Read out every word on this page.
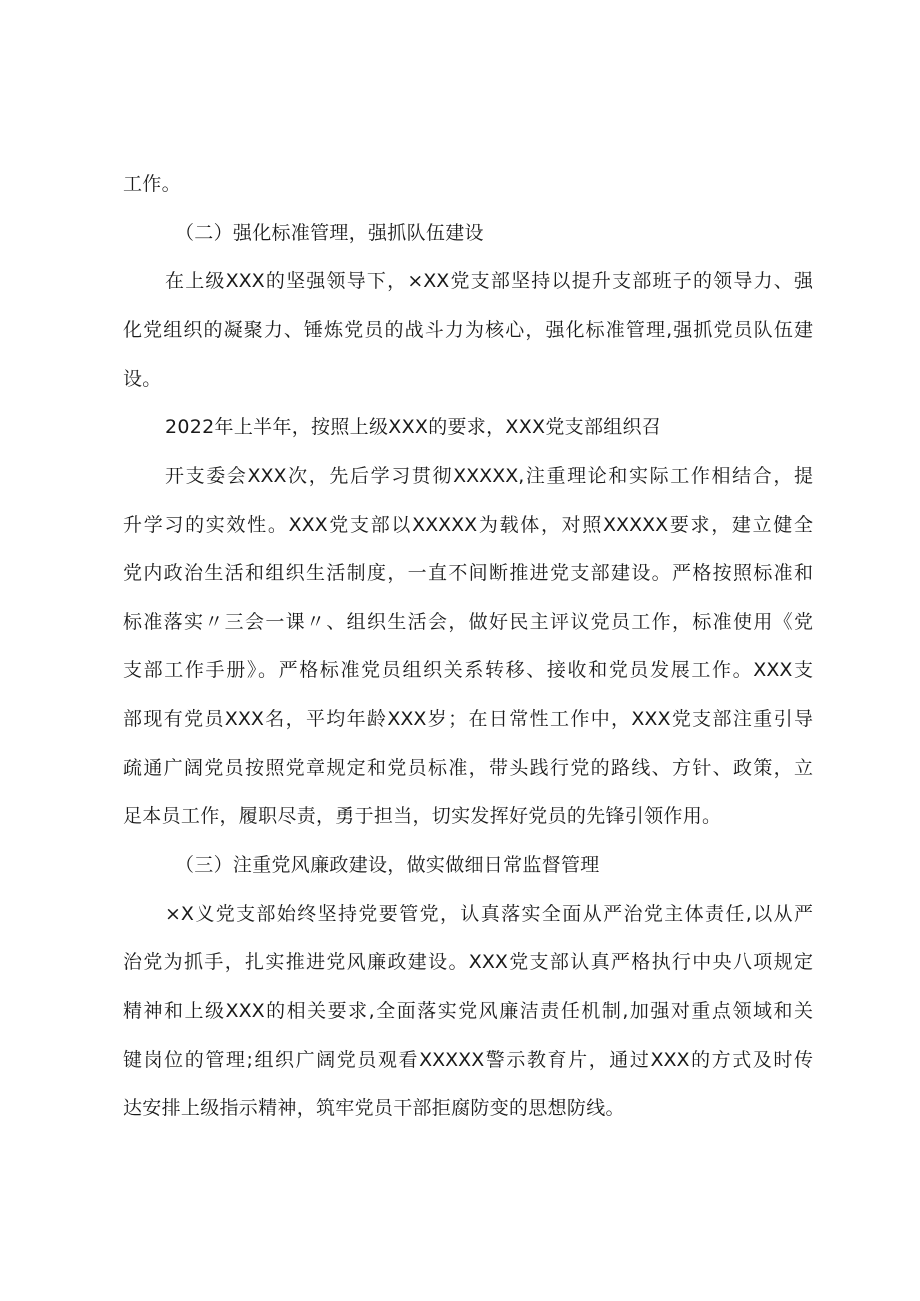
工作。
（二）强化标准管理，强抓队伍建设
在上级XXX的坚强领导下，×XX党支部坚持以提升支部班子的领导力、强
化党组织的凝聚力、锤炼党员的战斗力为核心，强化标准管理,强抓党员队伍建
设。
2022年上半年，按照上级XXX的要求，XXX党支部组织召
开支委会XXX次，先后学习贯彻XXXXX,注重理论和实际工作相结合，提
升学习的实效性。XXX党支部以XXXXX为载体，对照XXXXX要求，建立健全
党内政治生活和组织生活制度，一直不间断推进党支部建设。严格按照标准和
标准落实〃三会一课〃、组织生活会，做好民主评议党员工作，标准使用《党
支部工作手册》。严格标准党员组织关系转移、接收和党员发展工作。XXX支
部现有党员XXX名，平均年龄XXX岁；在日常性工作中，XXX党支部注重引导
疏通广阔党员按照党章规定和党员标准，带头践行党的路线、方针、政策，立
足本员工作，履职尽责，勇于担当，切实发挥好党员的先锋引领作用。
（三）注重党风廉政建设，做实做细日常监督管理
×X义党支部始终坚持党要管党，认真落实全面从严治党主体责任,以从严
治党为抓手，扎实推进党风廉政建设。XXX党支部认真严格执行中央八项规定
精神和上级XXX的相关要求,全面落实党风廉洁责任机制,加强对重点领域和关
键岗位的管理;组织广阔党员观看XXXXX警示教育片，通过XXX的方式及时传
达安排上级指示精神，筑牢党员干部拒腐防变的思想防线。
